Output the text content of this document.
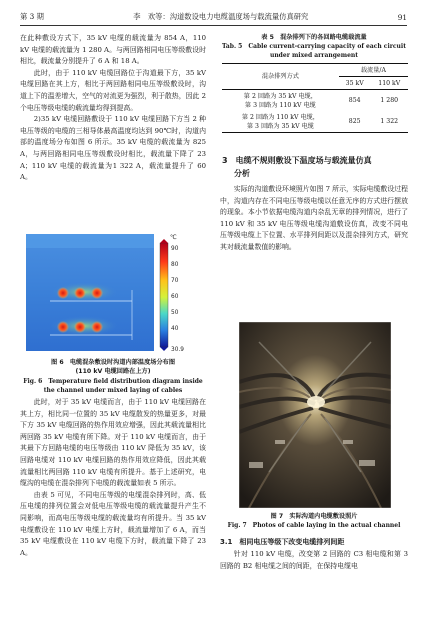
第 3 期	李　欢等：沟道数设电力电缆温度场与载流量仿真研究	91

在此种敷设方式下，35 kV 电缆的载流量为 854 A，110 kV 电缆的载流量为 1 280 A。与两回路相同电压等级敷设时相比，载流量分别提升了 6 A 和 18 A。

此时，由于 110 kV 电缆回路位于沟道最下方，35 kV 电缆回路在其上方，相比于两回路相同电压等级敷设时，沟道上下的温差增大，空气的对流更为强烈，利于散热，因此 2 个电压等级电缆的载流量均得到提高。

2)35 kV 电缆回路敷设于 110 kV 电缆回路下方当 2 种电压等级的电缆的三相导体最高温度均达到 90℃时，沟道内部的温度场分布如图 6 所示。35 kV 电缆的载流量为 825 A，与两回路相同电压等级敷设时相比，载流量下降了 23 A；110 kV 电缆的载流量为1 322 A，载流量提升了 60 A。

℃
90
80
70
60
50
40
30.9
图 6　电缆混杂敷设时沟道内部温度场分布图
(110 kV 电缆回路在上方)
Fig. 6　Temperature field distribution diagram inside
the channel under mixed laying of cables

此时，对于 35 kV 电缆而言，由于 110 kV 电缆回路在其上方，相比同一位置的 35 kV 电缆散发的热量更多，对最下方 35 kV 电缆回路的热作用效应增强，因此其载流量相比两回路 35 kV 电缆有所下降。对于 110 kV 电缆而言，由于其最下方回路电缆的电压等级由 110 kV 降低为 35 kV，该回路电缆对 110 kV 电缆回路的热作用效应降低，因此其载流量相比两回路 110 kV 电缆有所提升。基于上述研究，电缆沟的电缆在混杂排列下电缆的载流量如表 5 所示。

由表 5 可见，不同电压等级的电缆混杂排列时，高、低压电缆的排列位置会对低电压等级电缆的载流量提升产生不同影响，而高电压等级电缆的载流量均有所提升。当 35 kV 电缆敷设在 110 kV 电缆上方时，载流量增加了 6 A，而当 35 kV 电缆敷设在 110 kV 电缆下方时，载流量下降了 23 A。

表 5　混杂排列下的各回路电缆载流量
Tab. 5　Cable current-carrying capacity of each circuit
under mixed arrangement
混杂排列方式	载流量/A	
	35 kV	110 kV

第 2 回路为 35 kV 电缆，
第 3 回路为 110 kV 电缆	854	1 280

第 2 回路为 110 kV 电缆，
第 3 回路为 35 kV 电缆	825	1 322
3　电缆不规则敷设下温度场与载流量仿真
分析

实际的沟道敷设环境照片如图 7 所示，实际电缆敷设过程中，沟道内存在不同电压等级电缆以任意无序的方式进行摆放的现象。本小节依据电缆沟道内杂乱无章的排列情况，进行了 110 kV 和 35 kV 电压等级电缆沟道敷设仿真，改变不同电压等级电缆上下位置、水平排列间距以及混杂排列方式，研究其对载流量数值的影响。

图 7　实际沟道内电缆敷设照片
Fig. 7　Photos of cable laying in the actual channel
3.1　相同电压等级下改变电缆排列间距

针对 110 kV 电缆，改变第 2 回路的 C3 相电缆和第 3 回路的 B2 相电缆之间的间距，在保持电缆电
